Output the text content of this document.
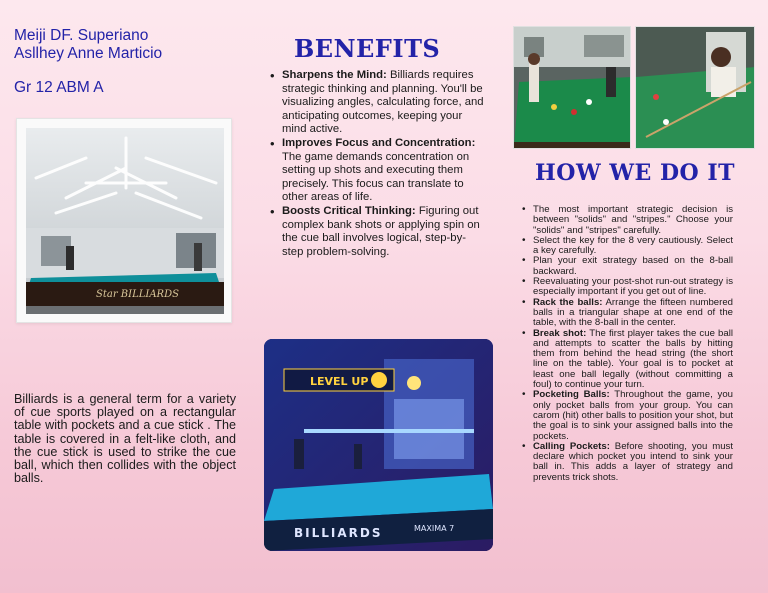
Meiji DF. Superiano
Asllhey Anne Marticio
Gr 12 ABM A
Star BILLIARDS

Billiards is a general term for a variety of cue sports played on a rectangular table with pockets and a cue stick . The table is covered in a felt-like cloth, and the cue stick is used to strike the cue ball, which then collides with the object balls.

BENEFITS
• Sharpens the Mind: Billiards requires strategic thinking and planning. You'll be visualizing angles, calculating force, and anticipating outcomes, keeping your mind active.
• Improves Focus and Concentration: The game demands concentration on setting up shots and executing them precisely. This focus can translate to other areas of life.
• Boosts Critical Thinking: Figuring out complex bank shots or applying spin on the cue ball involves logical, step-by-step problem-solving.
LEVEL UP
BILLIARDS	MAXIMA 7
HOW WE DO IT
• The most important strategic decision is between "solids" and "stripes." Choose your "solids" and "stripes" carefully.
• Select the key for the 8 very cautiously. Select a key carefully.
• Plan your exit strategy based on the 8-ball backward.
• Reevaluating your post-shot run-out strategy is especially important if you get out of line.
• Rack the balls: Arrange the fifteen numbered balls in a triangular shape at one end of the table, with the 8-ball in the center.
• Break shot: The first player takes the cue ball and attempts to scatter the balls by hitting them from behind the head string (the short line on the table). Your goal is to pocket at least one ball legally (without committing a foul) to continue your turn.
• Pocketing Balls: Throughout the game, you only pocket balls from your group. You can carom (hit) other balls to position your shot, but the goal is to sink your assigned balls into the pockets.
• Calling Pockets: Before shooting, you must declare which pocket you intend to sink your ball in. This adds a layer of strategy and prevents trick shots.
